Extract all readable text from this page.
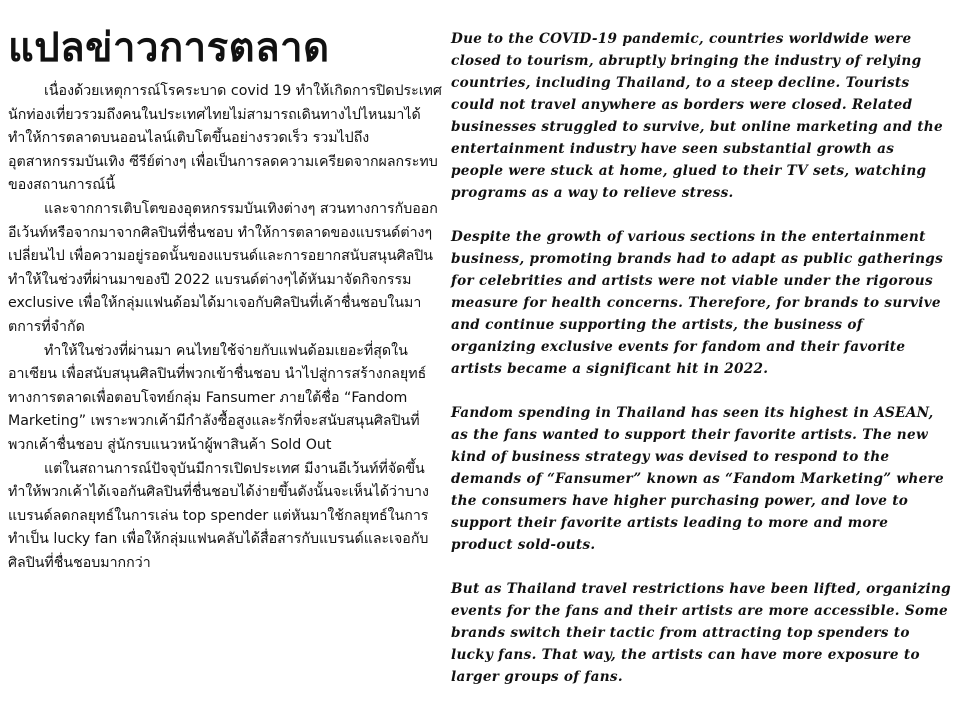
แปลข่าวการตลาด

เนื่องด้วยเหตุการณ์โรคระบาด covid 19 ทำให้เกิดการปิดประเทศ นักท่องเที่ยวรวมถึงคนในประเทศไทยไม่สามารถเดินทางไปไหนมาได้ ทำให้การตลาดบนออนไลน์เติบโตขึ้นอย่างรวดเร็ว รวมไปถึงอุตสาหกรรมบันเทิง ซีรีย์ต่างๆ เพื่อเป็นการลดความเครียดจากผลกระทบของสถานการณ์นี้

และจากการเติบโตของอุตหกรรมบันเทิงต่างๆ สวนทางการกับออกอีเว้นท์หรือจากมาจากศิลปินที่ชื่นชอบ ทำให้การตลาดของแบรนด์ต่างๆเปลี่ยนไป เพื่อความอยู่รอดนั้นของแบรนด์และการอยากสนับสนุนศิลปินทำให้ในช่วงที่ผ่านมาของปี 2022 แบรนด์ต่างๆได้หันมาจัดกิจกรรม exclusive เพื่อให้กลุ่มแฟนด้อมได้มาเจอกับศิลปินที่เค้าชื่นชอบในมาตการที่จำกัด

ทำให้ในช่วงที่ผ่านมา คนไทยใช้จ่ายกับแฟนด้อมเยอะที่สุดในอาเซียน เพื่อสนับสนุนศิลปินที่พวกเข้าชื่นชอบ นำไปสู่การสร้างกลยุทธ์ทางการตลาดเพื่อตอบโจทย์กลุ่ม Fansumer ภายใต้ชื่อ “Fandom Marketing” เพราะพวกเค้ามีกำลังซื้อสูงและรักที่จะสนับสนุนศิลปินที่พวกเค้าชื่นชอบ สู่นักรบแนวหน้าผู้พาสินค้า Sold Out

แต่ในสถานการณ์ปัจจุบันมีการเปิดประเทศ มีงานอีเว้นท์ที่จัดขึ้นทำให้พวกเค้าได้เจอกันศิลปินที่ชื่นชอบได้ง่ายขึ้นดังนั้นจะเห็นได้ว่าบางแบรนด์ลดกลยุทธ์ในการเล่น top spender แต่หันมาใช้กลยุทธ์ในการทำเป็น lucky fan เพื่อให้กลุ่มแฟนคลับได้สื่อสารกับแบรนด์และเจอกับศิลปินที่ชื่นชอบมากกว่า

Due to the COVID-19 pandemic, countries worldwide were closed to tourism, abruptly bringing the industry of relying countries, including Thailand, to a steep decline. Tourists could not travel anywhere as borders were closed. Related businesses struggled to survive, but online marketing and the entertainment industry have seen substantial growth as people were stuck at home, glued to their TV sets, watching programs as a way to relieve stress.

Despite the growth of various sections in the entertainment business, promoting brands had to adapt as public gatherings for celebrities and artists were not viable under the rigorous measure for health concerns. Therefore, for brands to survive and continue supporting the artists, the business of organizing exclusive events for fandom and their favorite artists became a significant hit in 2022.

Fandom spending in Thailand has seen its highest in ASEAN, as the fans wanted to support their favorite artists. The new kind of business strategy was devised to respond to the demands of “Fansumer” known as “Fandom Marketing” where the consumers have higher purchasing power, and love to support their favorite artists leading to more and more product sold-outs.

But as Thailand travel restrictions have been lifted, organizing events for the fans and their artists are more accessible. Some brands switch their tactic from attracting top spenders to lucky fans. That way, the artists can have more exposure to larger groups of fans.
